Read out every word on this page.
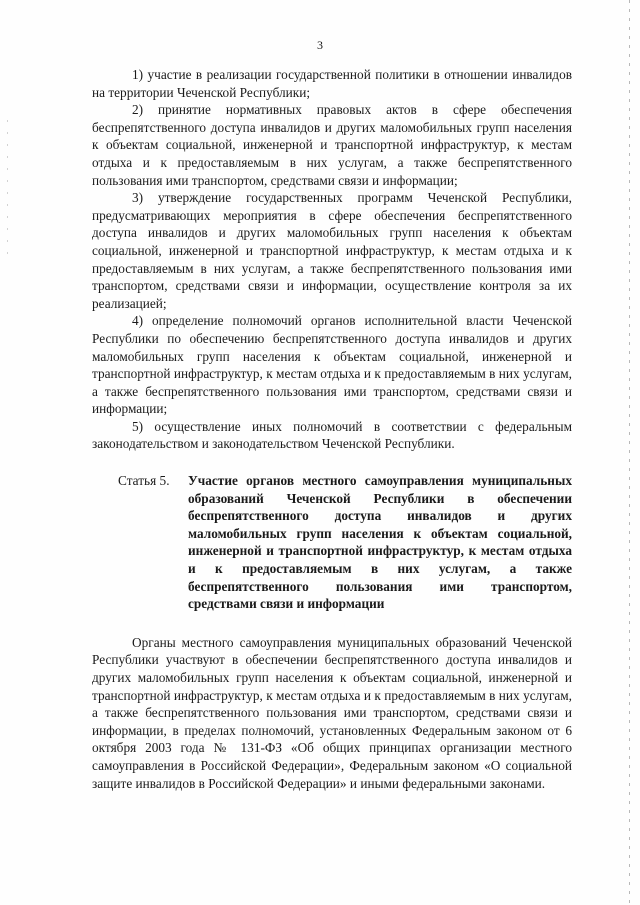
3

1) участие в реализации государственной политики в отношении инвалидов на территории Чеченской Республики;

2) принятие нормативных правовых актов в сфере обеспечения беспрепятственного доступа инвалидов и других маломобильных групп населения к объектам социальной, инженерной и транспортной инфраструктур, к местам отдыха и к предоставляемым в них услугам, а также беспрепятственного пользования ими транспортом, средствами связи и информации;

3) утверждение государственных программ Чеченской Республики, предусматривающих мероприятия в сфере обеспечения беспрепятственного доступа инвалидов и других маломобильных групп населения к объектам социальной, инженерной и транспортной инфраструктур, к местам отдыха и к предоставляемым в них услугам, а также беспрепятственного пользования ими транспортом, средствами связи и информации, осуществление контроля за их реализацией;

4) определение полномочий органов исполнительной власти Чеченской Республики по обеспечению беспрепятственного доступа инвалидов и других маломобильных групп населения к объектам социальной, инженерной и транспортной инфраструктур, к местам отдыха и к предоставляемым в них услугам, а также беспрепятственного пользования ими транспортом, средствами связи и информации;

5) осуществление иных полномочий в соответствии с федеральным законодательством и законодательством Чеченской Республики.

Статья 5.	Участие органов местного самоуправления муниципальных образований Чеченской Республики в обеспечении беспрепятственного доступа инвалидов и других маломобильных групп населения к объектам социальной, инженерной и транспортной инфраструктур, к местам отдыха и к предоставляемым в них услугам, а также беспрепятственного пользования ими транспортом, средствами связи и информации

Органы местного самоуправления муниципальных образований Чеченской Республики участвуют в обеспечении беспрепятственного доступа инвалидов и других маломобильных групп населения к объектам социальной, инженерной и транспортной инфраструктур, к местам отдыха и к предоставляемым в них услугам, а также беспрепятственного пользования ими транспортом, средствами связи и информации, в пределах полномочий, установленных Федеральным законом от 6 октября 2003 года № 131-ФЗ «Об общих принципах организации местного самоуправления в Российской Федерации», Федеральным законом «О социальной защите инвалидов в Российской Федерации» и иными федеральными законами.
